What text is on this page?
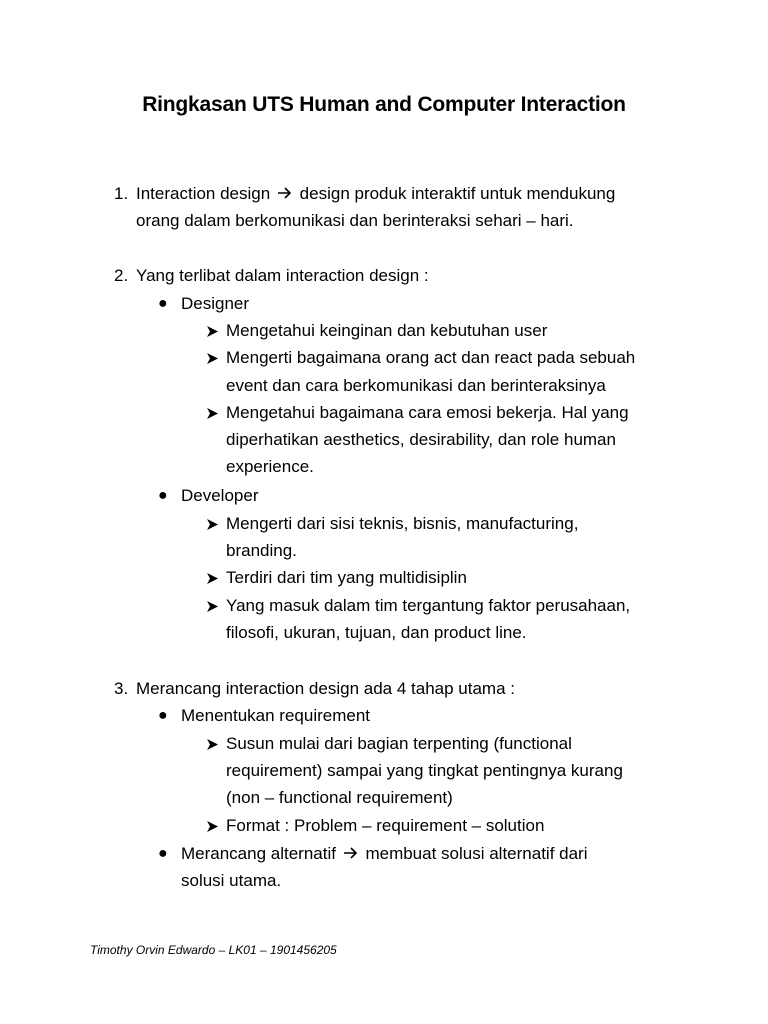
Ringkasan UTS Human and Computer Interaction
1. Interaction design design produk interaktif untuk mendukung
orang dalam berkomunikasi dan berinteraksi sehari – hari.
2. Yang terlibat dalam interaction design :
● Designer
Mengetahui keinginan dan kebutuhan user
Mengerti bagaimana orang act dan react pada sebuah
event dan cara berkomunikasi dan berinteraksinya
Mengetahui bagaimana cara emosi bekerja. Hal yang
diperhatikan aesthetics, desirability, dan role human
experience.
● Developer
Mengerti dari sisi teknis, bisnis, manufacturing,
branding.
Terdiri dari tim yang multidisiplin
Yang masuk dalam tim tergantung faktor perusahaan,
filosofi, ukuran, tujuan, dan product line.
3. Merancang interaction design ada 4 tahap utama :
● Menentukan requirement
Susun mulai dari bagian terpenting (functional
requirement) sampai yang tingkat pentingnya kurang
(non – functional requirement)
Format : Problem – requirement – solution
● Merancang alternatif membuat solusi alternatif dari
solusi utama.
Timothy Orvin Edwardo – LK01 – 1901456205
